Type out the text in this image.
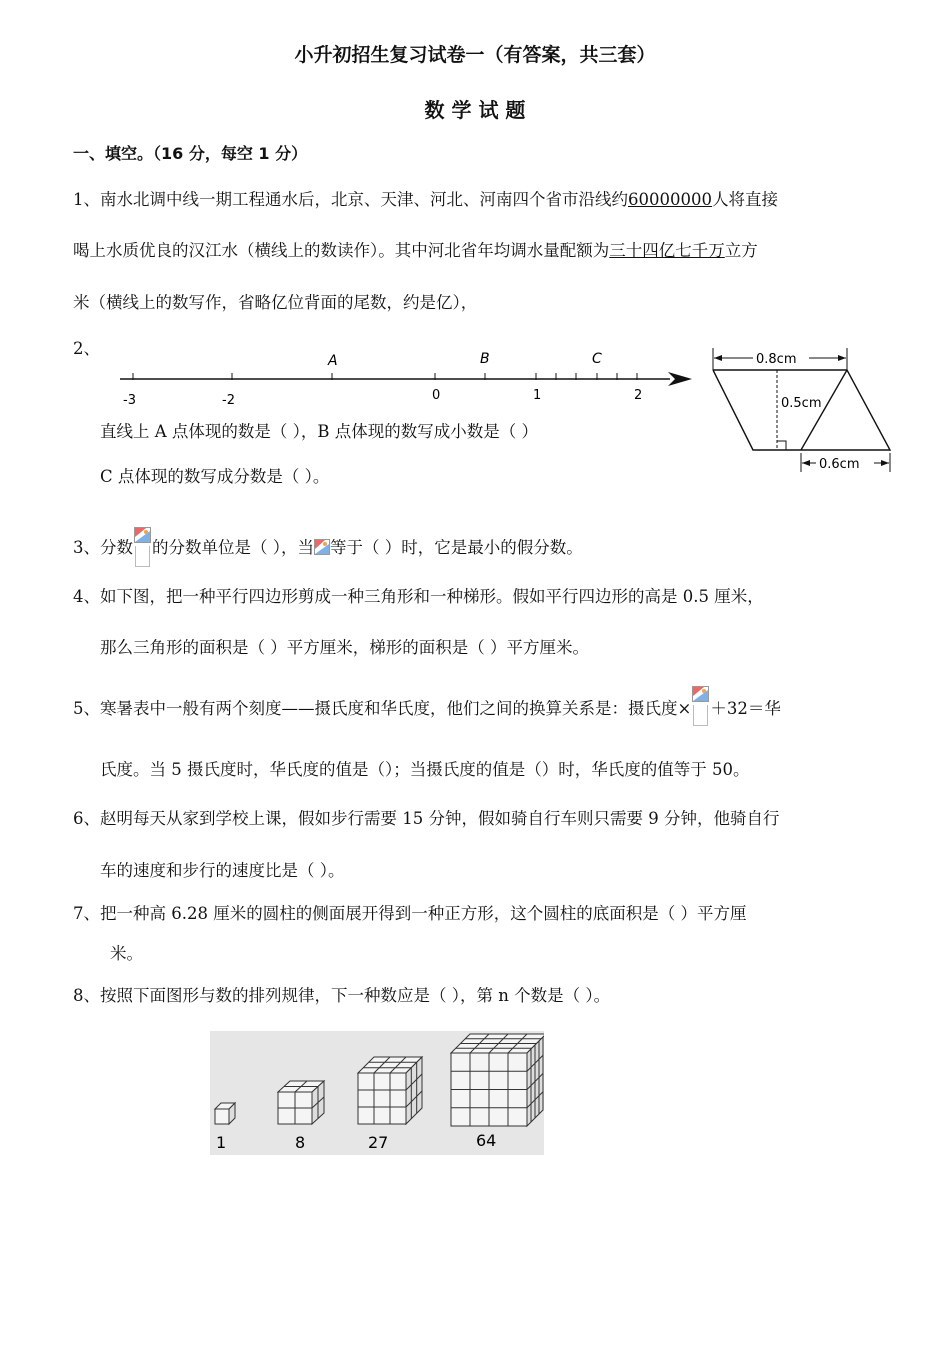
小升初招生复习试卷一（有答案，共三套）
数 学 试 题
一、填空。（16 分，每空 1 分）
1、南水北调中线一期工程通水后，北京、天津、河北、河南四个省市沿线约60000000人将直接
喝上水质优良的汉江水（横线上的数读作）。其中河北省年均调水量配额为三十四亿七千万立方
米（横线上的数写作，省略亿位背面的尾数，约是亿），
2、
-3	-2	0	1	2
A	B	C	0.8cm
0.5cm
0.6cm
直线上 A 点体现的数是（ ），B 点体现的数写成小数是（ ）
C 点体现的数写成分数是（ ）。
3、分数 的分数单位是（ ），当 等于（ ）时，它是最小的假分数。
4、如下图，把一种平行四边形剪成一种三角形和一种梯形。假如平行四边形的高是 0.5 厘米，
那么三角形的面积是（ ）平方厘米，梯形的面积是（ ）平方厘米。
5、寒暑表中一般有两个刻度——摄氏度和华氏度，他们之间的换算关系是：摄氏度× ＋32＝华
氏度。当 5 摄氏度时，华氏度的值是（）；当摄氏度的值是（）时，华氏度的值等于 50。
6、赵明每天从家到学校上课，假如步行需要 15 分钟，假如骑自行车则只需要 9 分钟，他骑自行
车的速度和步行的速度比是（ ）。
7、把一种高 6.28 厘米的圆柱的侧面展开得到一种正方形，这个圆柱的底面积是（ ）平方厘
米。
8、按照下面图形与数的排列规律，下一种数应是（ ），第 n 个数是（ ）。
1	8	27	64
